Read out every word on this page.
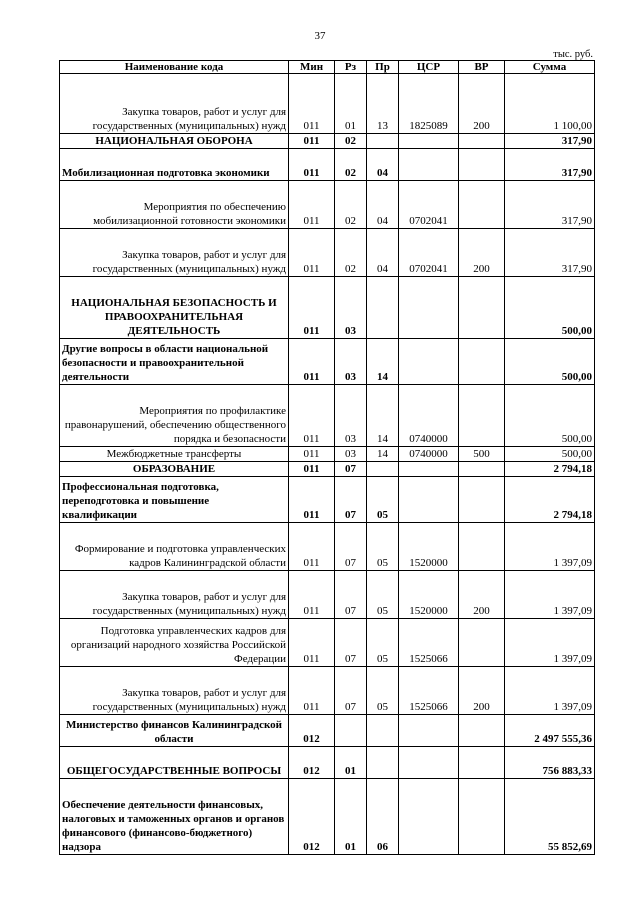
37
тыс. руб.
Наименование кода	Мин	Рз	Пр	ЦСР	ВР	Сумма
Закупка товаров, работ и услуг для государственных (муниципальных) нужд	011	01	13	1825089	200	1 100,00
НАЦИОНАЛЬНАЯ ОБОРОНА	011	02				317,90
Мобилизационная подготовка экономики	011	02	04			317,90
Мероприятия по обеспечению мобилизационной готовности экономики	011	02	04	0702041		317,90
Закупка товаров, работ и услуг для государственных (муниципальных) нужд	011	02	04	0702041	200	317,90
НАЦИОНАЛЬНАЯ БЕЗОПАСНОСТЬ И ПРАВООХРАНИТЕЛЬНАЯ ДЕЯТЕЛЬНОСТЬ	011	03				500,00
Другие вопросы в области национальной безопасности и правоохранительной деятельности	011	03	14			500,00
Мероприятия по профилактике правонарушений, обеспечению общественного порядка и безопасности	011	03	14	0740000		500,00
Межбюджетные трансферты	011	03	14	0740000	500	500,00
ОБРАЗОВАНИЕ	011	07				2 794,18
Профессиональная подготовка, переподготовка и повышение квалификации	011	07	05			2 794,18
Формирование и подготовка управленческих кадров Калининградской области	011	07	05	1520000		1 397,09
Закупка товаров, работ и услуг для государственных (муниципальных) нужд	011	07	05	1520000	200	1 397,09
Подготовка управленческих кадров для организаций народного хозяйства Российской Федерации	011	07	05	1525066		1 397,09
Закупка товаров, работ и услуг для государственных (муниципальных) нужд	011	07	05	1525066	200	1 397,09
Министерство финансов Калининградской области	012					2 497 555,36
ОБЩЕГОСУДАРСТВЕННЫЕ ВОПРОСЫ	012	01				756 883,33
Обеспечение деятельности финансовых, налоговых и таможенных органов и органов финансового (финансово-бюджетного) надзора	012	01	06			55 852,69
